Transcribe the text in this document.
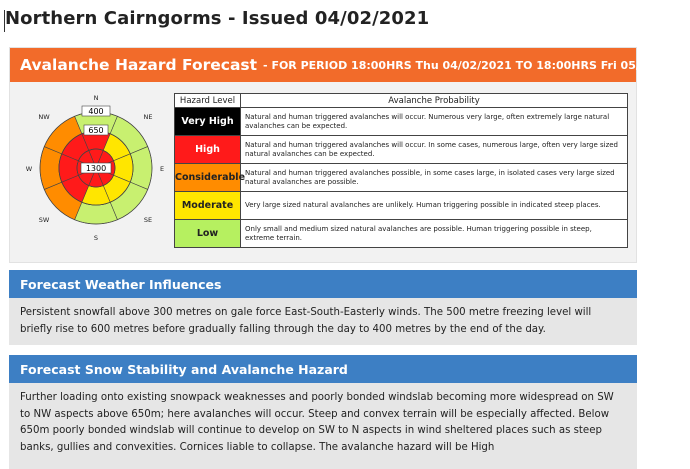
Northern Cairngorms - Issued 04/02/2021
Avalanche Hazard Forecast - FOR PERIOD 18:00HRS Thu 04/02/2021 TO 18:00HRS Fri 05/02/2021
400
650
1300
N
NE
E
SE
S
SW
W
NW
Hazard Level	Avalanche Probability
Very High	Natural and human triggered avalanches will occur. Numerous very large, often extremely large natural avalanches can be expected.
High	Natural and human triggered avalanches will occur. In some cases, numerous large, often very large sized natural avalanches can be expected.
Considerable	Natural and human triggered avalanches possible, in some cases large, in isolated cases very large sized natural avalanches are possible.
Moderate	Very large sized natural avalanches are unlikely. Human triggering possible in indicated steep places.
Low	Only small and medium sized natural avalanches are possible. Human triggering possible in steep, extreme terrain.
Forecast Weather Influences

Persistent snowfall above 300 metres on gale force East-South-Easterly winds. The 500 metre freezing level will briefly rise to 600 metres before gradually falling through the day to 400 metres by the end of the day.

Forecast Snow Stability and Avalanche Hazard

Further loading onto existing snowpack weaknesses and poorly bonded windslab becoming more widespread on SW to NW aspects above 650m; here avalanches will occur. Steep and convex terrain will be especially affected. Below 650m poorly bonded windslab will continue to develop on SW to N aspects in wind sheltered places such as steep banks, gullies and convexities. Cornices liable to collapse. The avalanche hazard will be High
